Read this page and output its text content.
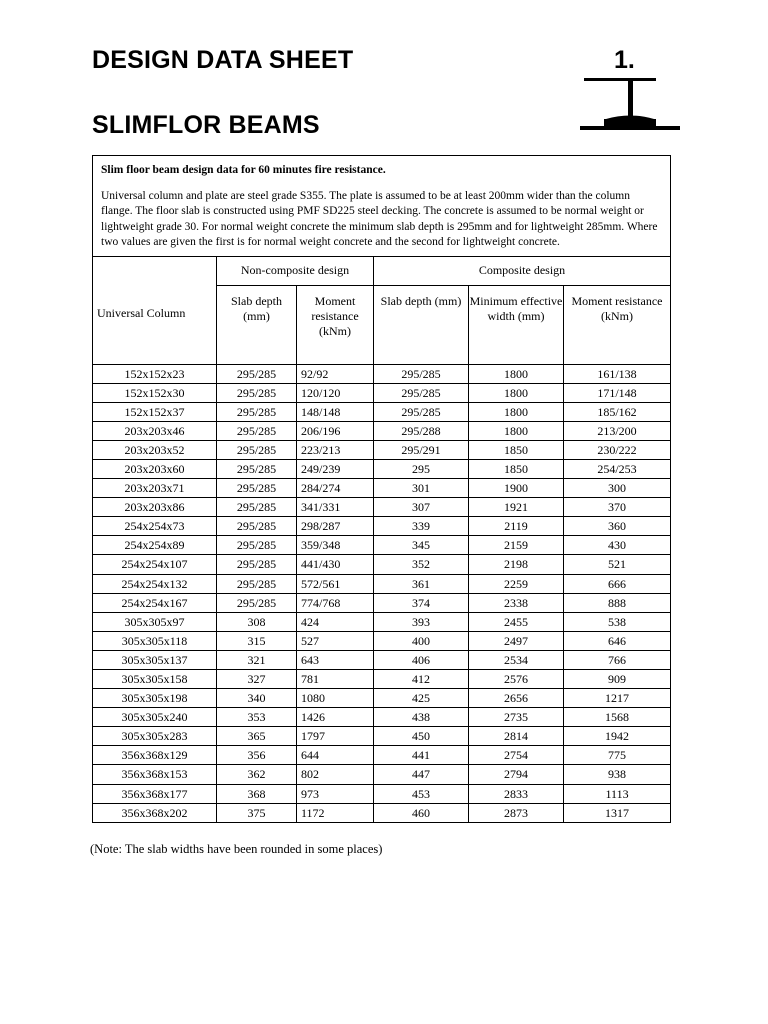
DESIGN DATA SHEET
SLIMFLOR BEAMS
1.
Slim floor beam design data for 60 minutes fire resistance.
Universal column and plate are steel grade S355. The plate is assumed to be at least 200mm wider than the column flange. The floor slab is constructed using PMF SD225 steel decking. The concrete is assumed to be normal weight or lightweight grade 30. For normal weight concrete the minimum slab depth is 295mm and for lightweight 285mm. Where two values are given the first is for normal weight concrete and the second for lightweight concrete.					

Universal Column	Non-composite design		Composite design		
	Slab depth (mm)	Moment resistance (kNm)	Slab depth (mm)	Minimum effective width (mm)	Moment resistance (kNm)
152x152x23	295/285	92/92	295/285	1800	161/138
152x152x30	295/285	120/120	295/285	1800	171/148
152x152x37	295/285	148/148	295/285	1800	185/162
203x203x46	295/285	206/196	295/288	1800	213/200
203x203x52	295/285	223/213	295/291	1850	230/222
203x203x60	295/285	249/239	295	1850	254/253
203x203x71	295/285	284/274	301	1900	300
203x203x86	295/285	341/331	307	1921	370
254x254x73	295/285	298/287	339	2119	360
254x254x89	295/285	359/348	345	2159	430
254x254x107	295/285	441/430	352	2198	521
254x254x132	295/285	572/561	361	2259	666
254x254x167	295/285	774/768	374	2338	888
305x305x97	308	424	393	2455	538
305x305x118	315	527	400	2497	646
305x305x137	321	643	406	2534	766
305x305x158	327	781	412	2576	909
305x305x198	340	1080	425	2656	1217
305x305x240	353	1426	438	2735	1568
305x305x283	365	1797	450	2814	1942
356x368x129	356	644	441	2754	775
356x368x153	362	802	447	2794	938
356x368x177	368	973	453	2833	1113
356x368x202	375	1172	460	2873	1317
(Note: The slab widths have been rounded in some places)
